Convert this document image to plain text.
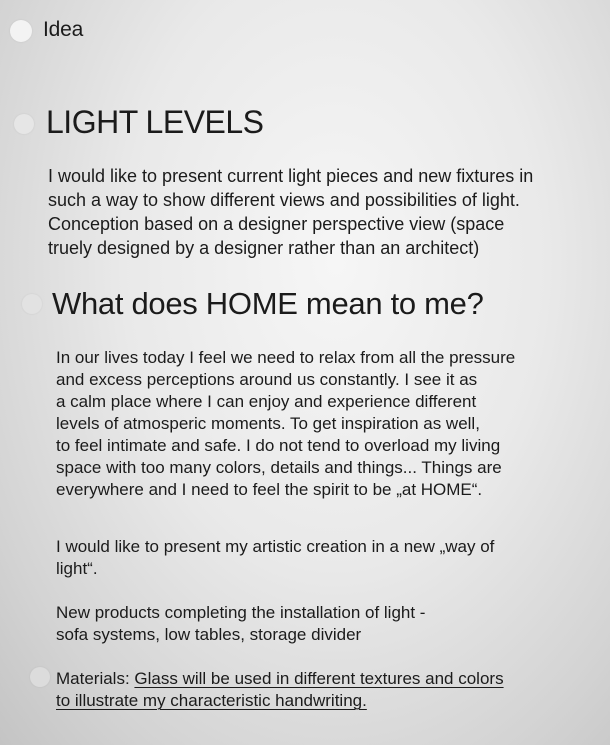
Idea
LIGHT LEVELS
I would like to present current light pieces and new fixtures in
such a way to show different views and possibilities of light.
Conception based on a designer perspective view (space
truely designed by a designer rather than an architect)
What does HOME mean to me?
In our lives today I feel we need to relax from all the pressure
and excess perceptions around us constantly. I see it as
a calm place where I can enjoy and experience different
levels of atmosperic moments. To get inspiration as well,
to feel intimate and safe. I do not tend to overload my living
space with too many colors, details and things... Things are
everywhere and I need to feel the spirit to be „at HOME“.
I would like to present my artistic creation in a new „way of
light“.
New products completing the installation of light -
sofa systems, low tables, storage divider
Materials: Glass will be used in different textures and colors
to illustrate my characteristic handwriting.
